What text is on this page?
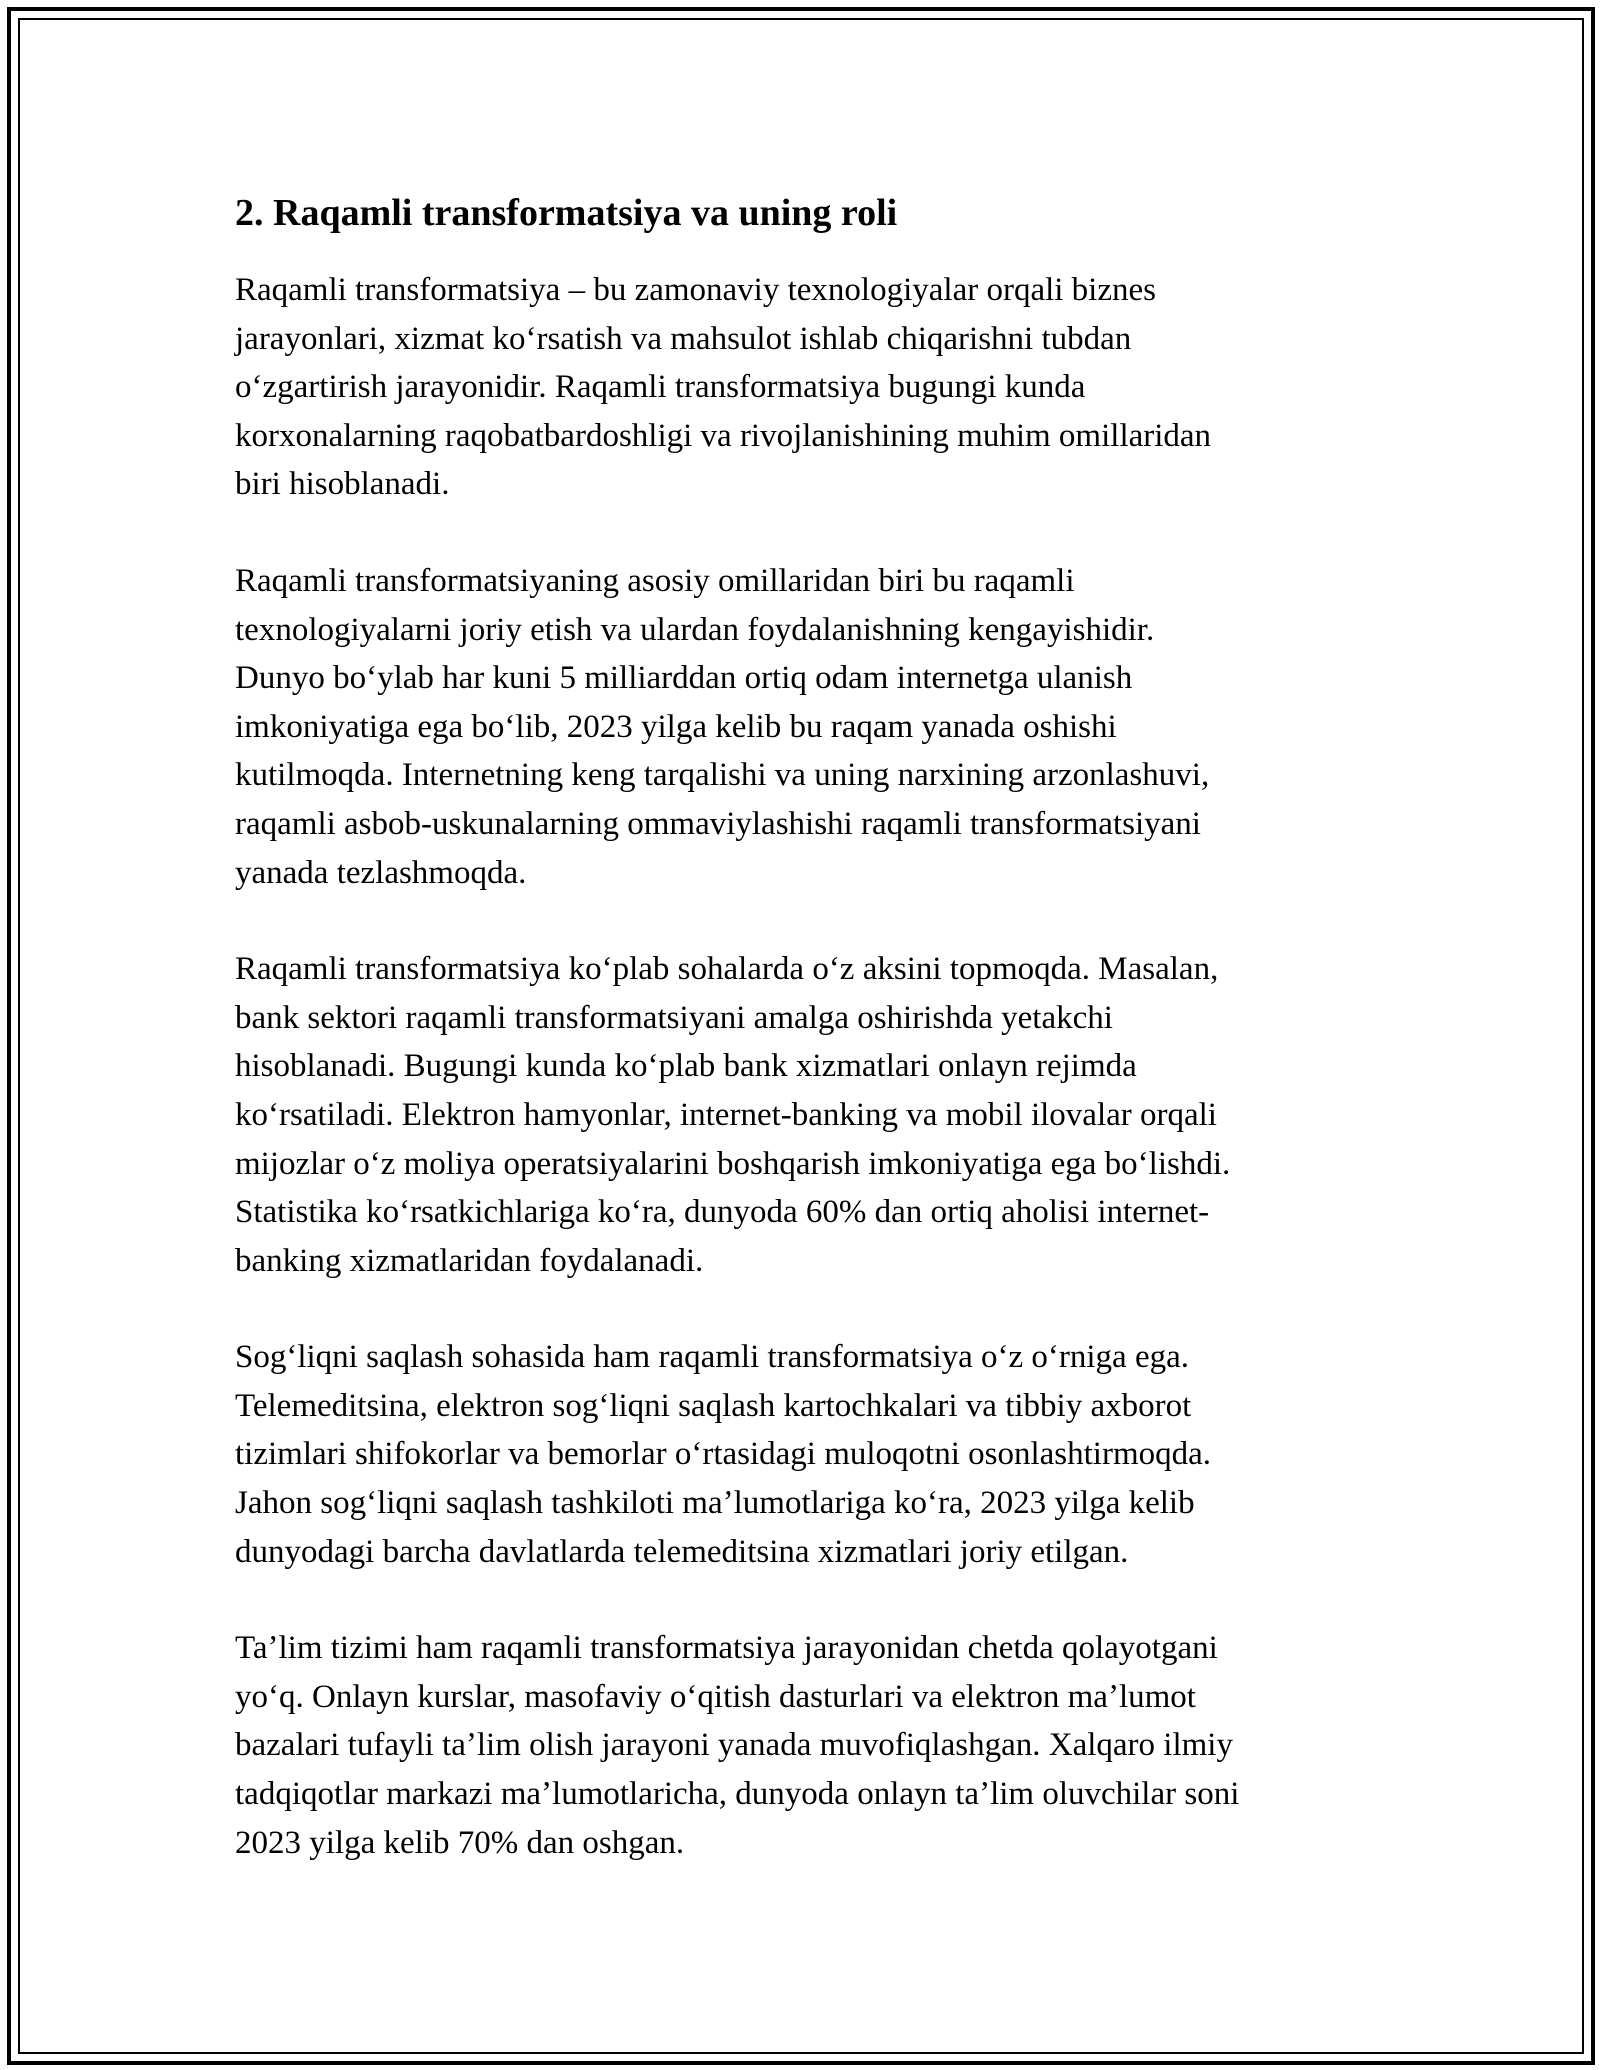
2. Raqamli transformatsiya va uning roli

Raqamli transformatsiya – bu zamonaviy texnologiyalar orqali biznes
jarayonlari, xizmat koʻrsatish va mahsulot ishlab chiqarishni tubdan
oʻzgartirish jarayonidir. Raqamli transformatsiya bugungi kunda
korxonalarning raqobatbardoshligi va rivojlanishining muhim omillaridan
biri hisoblanadi.

Raqamli transformatsiyaning asosiy omillaridan biri bu raqamli
texnologiyalarni joriy etish va ulardan foydalanishning kengayishidir.
Dunyo boʻylab har kuni 5 milliarddan ortiq odam internetga ulanish
imkoniyatiga ega boʻlib, 2023 yilga kelib bu raqam yanada oshishi
kutilmoqda. Internetning keng tarqalishi va uning narxining arzonlashuvi,
raqamli asbob-uskunalarning ommaviylashishi raqamli transformatsiyani
yanada tezlashmoqda.

Raqamli transformatsiya koʻplab sohalarda oʻz aksini topmoqda. Masalan,
bank sektori raqamli transformatsiyani amalga oshirishda yetakchi
hisoblanadi. Bugungi kunda koʻplab bank xizmatlari onlayn rejimda
koʻrsatiladi. Elektron hamyonlar, internet-banking va mobil ilovalar orqali
mijozlar oʻz moliya operatsiyalarini boshqarish imkoniyatiga ega boʻlishdi.
Statistika koʻrsatkichlariga koʻra, dunyoda 60% dan ortiq aholisi internet-
banking xizmatlaridan foydalanadi.

Sogʻliqni saqlash sohasida ham raqamli transformatsiya oʻz oʻrniga ega.
Telemeditsina, elektron sogʻliqni saqlash kartochkalari va tibbiy axborot
tizimlari shifokorlar va bemorlar oʻrtasidagi muloqotni osonlashtirmoqda.
Jahon sogʻliqni saqlash tashkiloti maʼlumotlariga koʻra, 2023 yilga kelib
dunyodagi barcha davlatlarda telemeditsina xizmatlari joriy etilgan.

Taʼlim tizimi ham raqamli transformatsiya jarayonidan chetda qolayotgani
yoʻq. Onlayn kurslar, masofaviy oʻqitish dasturlari va elektron maʼlumot
bazalari tufayli taʼlim olish jarayoni yanada muvofiqlashgan. Xalqaro ilmiy
tadqiqotlar markazi maʼlumotlaricha, dunyoda onlayn taʼlim oluvchilar soni
2023 yilga kelib 70% dan oshgan.
